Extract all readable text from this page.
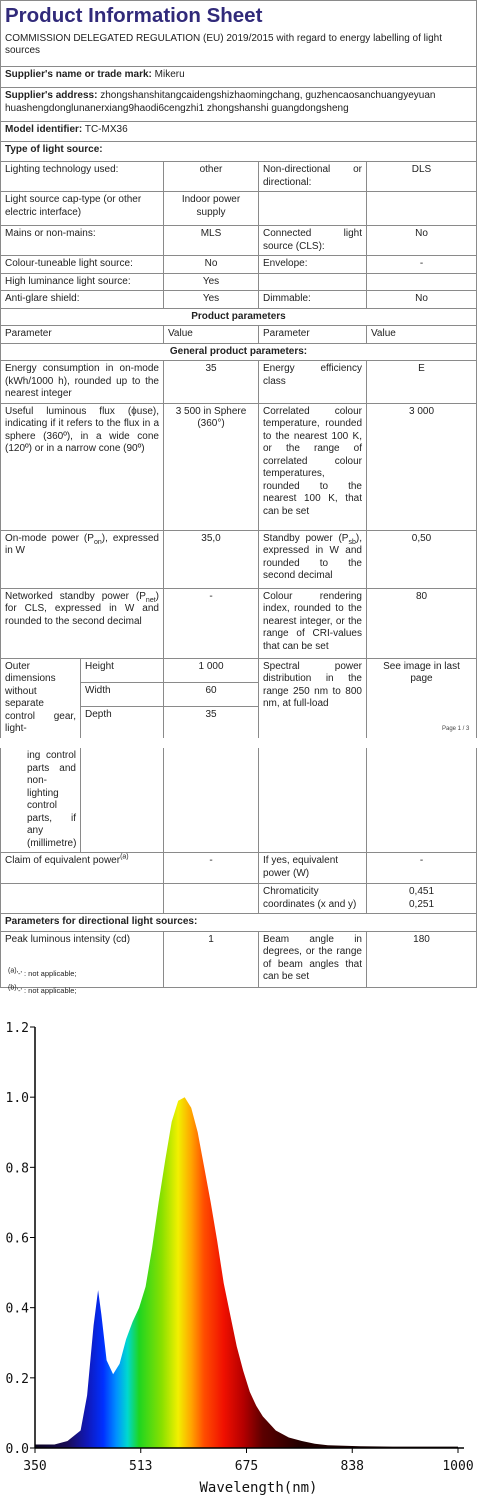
Product Information Sheet				
COMMISSION DELEGATED REGULATION (EU) 2019/2015 with regard to energy labelling of light sources				
Supplier's name or trade mark: Mikeru				
Supplier's address: zhongshanshitangcaidengshizhaomingchang, guzhencaosanchuangyeyuan huashengdonglunanerxiang9haodi6cengzhi1 zhongshanshi guangdongsheng				
Model identifier: TC-MX36				
Type of light source:				
Lighting technology used:		other	Non-directional or directional:	DLS
Light source cap-type (or other electric interface)		Indoor power supply		
Mains or non-mains:		MLS	Connected light source (CLS):	No
Colour-tuneable light source:		No	Envelope:	-
High luminance light source:		Yes		
Anti-glare shield:		Yes	Dimmable:	No
Product parameters				
Parameter		Value	Parameter	Value
General product parameters:				
Energy consumption in on-mode (kWh/1000 h), rounded up to the nearest integer		35	Energy efficiency class	E
Useful luminous flux (ϕuse), indicating if it refers to the flux in a sphere (360º), in a wide cone (120º) or in a narrow cone (90º)		3 500 in Sphere (360°)	Correlated colour temperature, rounded to the nearest 100 K, or the range of correlated colour temperatures, rounded to the nearest 100 K, that can be set	3 000
On-mode power $(P_{on})$, expressed in W		35,0	Standby power $(P_{sb})$, expressed in W and rounded to the second decimal	0,50
Networked standby power $(P_{net})$ for CLS, expressed in W and rounded to the second decimal		-	Colour rendering index, rounded to the nearest integer, or the range of CRI-values that can be set	80
Outer dimensions without separate control gear, light-	Height	1 000	Spectral power distribution in the range 250 nm to 800 nm, at full-load	See image in last page
	Width	60		
	Depth	35		
Page 1 / 3
ing control parts and non-lighting control parts, if any (millimetre)				
Claim of equivalent power$^{(a)}$		-	If yes, equivalent power (W)	-
			Chromaticity coordinates (x and y)	0,451
0,251

Parameters for directional light sources:				
Peak luminous intensity (cd)		1	Beam angle in degrees, or the range of beam angles that can be set	180
$^{(a)}$'-' : not applicable;
$^{(b)}$'-' : not applicable;
0.0
0.2
0.4
0.6
0.8
1.0
1.2
350	513	675	838	1000
Wavelength(nm)
